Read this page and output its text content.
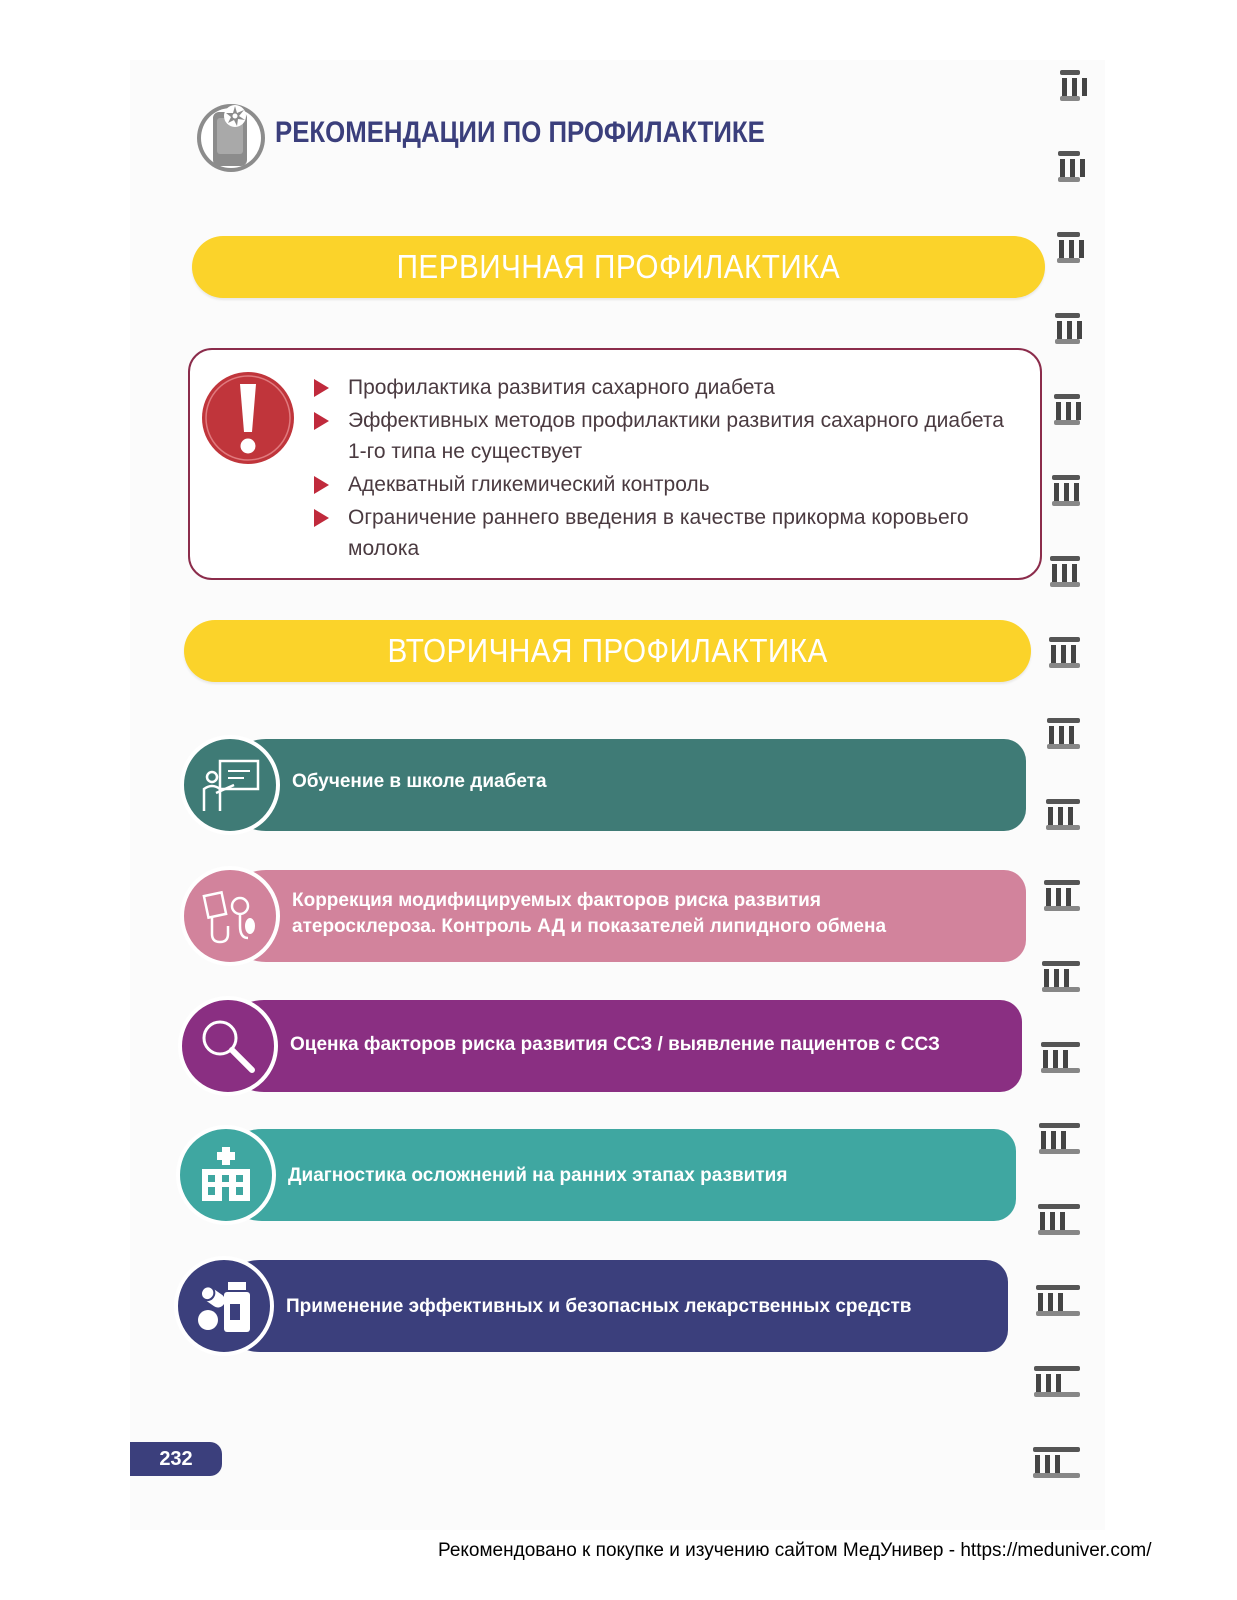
РЕКОМЕНДАЦИИ ПО ПРОФИЛАКТИКЕ
ПЕРВИЧНАЯ ПРОФИЛАКТИКА
Профилактика развития сахарного диабета
Эффективных методов профилактики развития сахарного диабета 1-го типа не существует
Адекватный гликемический контроль
Ограничение раннего введения в качестве прикорма коровьего молока
ВТОРИЧНАЯ ПРОФИЛАКТИКА
Обучение в школе диабета
Коррекция модифицируемых факторов риска развития
атеросклероза. Контроль АД и показателей липидного обмена
Оценка факторов риска развития ССЗ / выявление пациентов с ССЗ
Диагностика осложнений на ранних этапах развития
Применение эффективных и безопасных лекарственных средств
232
Рекомендовано к покупке и изучению сайтом МедУнивер - https://meduniver.com/
